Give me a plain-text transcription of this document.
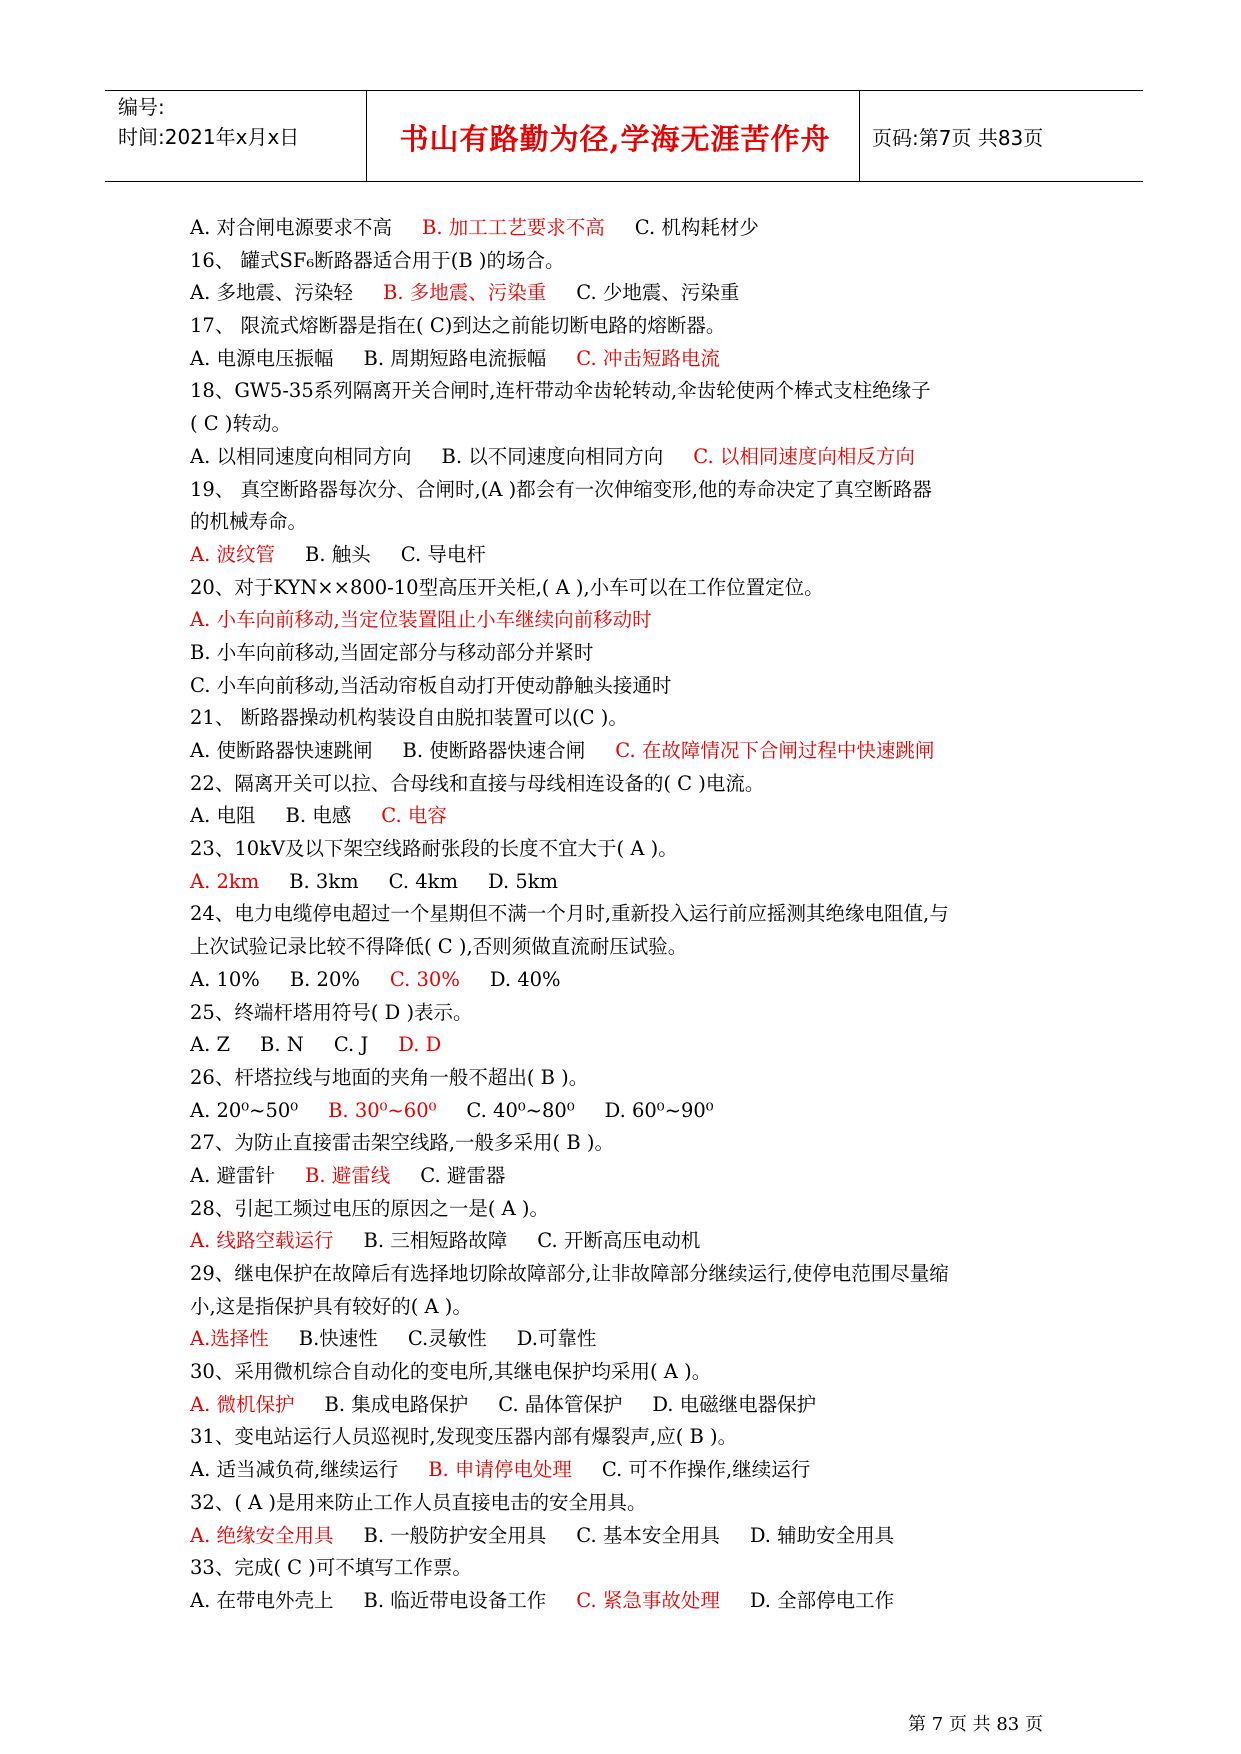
编号:
时间:2021年x月x日	书山有路勤为径,学海无涯苦作舟	页码:第7页 共83页
A. 对合闸电源要求不高 B. 加工工艺要求不高 C. 机构耗材少
16、 罐式SF₆断路器适合用于(B )的场合。
A. 多地震、污染轻 B. 多地震、污染重 C. 少地震、污染重
17、 限流式熔断器是指在( C)到达之前能切断电路的熔断器。
A. 电源电压振幅 B. 周期短路电流振幅 C. 冲击短路电流
18、GW5-35系列隔离开关合闸时,连杆带动伞齿轮转动,伞齿轮使两个棒式支柱绝缘子
( C )转动。
A. 以相同速度向相同方向 B. 以不同速度向相同方向 C. 以相同速度向相反方向
19、 真空断路器每次分、合闸时,(A )都会有一次伸缩变形,他的寿命决定了真空断路器
的机械寿命。
A. 波纹管 B. 触头 C. 导电杆
20、对于KYN××800-10型高压开关柜,( A ),小车可以在工作位置定位。
A. 小车向前移动,当定位装置阻止小车继续向前移动时B. 小车向前移动,当固定部分与移动部分并紧时C. 小车向前移动,当活动帘板自动打开使动静触头接通时
21、 断路器操动机构装设自由脱扣装置可以(C )。
A. 使断路器快速跳闸 B. 使断路器快速合闸 C. 在故障情况下合闸过程中快速跳闸
22、隔离开关可以拉、合母线和直接与母线相连设备的( C )电流。
A. 电阻 B. 电感 C. 电容
23、10kV及以下架空线路耐张段的长度不宜大于( A )。
A. 2km B. 3km C. 4km D. 5km
24、电力电缆停电超过一个星期但不满一个月时,重新投入运行前应摇测其绝缘电阻值,与
上次试验记录比较不得降低( C ),否则须做直流耐压试验。
A. 10% B. 20% C. 30% D. 40%
25、终端杆塔用符号( D )表示。
A. Z B. N C. J D. D
26、杆塔拉线与地面的夹角一般不超出( B )。
A. 20⁰~50⁰ B. 30⁰~60⁰ C. 40⁰~80⁰ D. 60⁰~90⁰
27、为防止直接雷击架空线路,一般多采用( B )。
A. 避雷针 B. 避雷线 C. 避雷器
28、引起工频过电压的原因之一是( A )。
A. 线路空载运行 B. 三相短路故障 C. 开断高压电动机
29、继电保护在故障后有选择地切除故障部分,让非故障部分继续运行,使停电范围尽量缩
小,这是指保护具有较好的( A )。
A.选择性 B.快速性 C.灵敏性 D.可靠性
30、采用微机综合自动化的变电所,其继电保护均采用( A )。
A. 微机保护 B. 集成电路保护 C. 晶体管保护 D. 电磁继电器保护
31、变电站运行人员巡视时,发现变压器内部有爆裂声,应( B )。
A. 适当减负荷,继续运行 B. 申请停电处理 C. 可不作操作,继续运行
32、( A )是用来防止工作人员直接电击的安全用具。
A. 绝缘安全用具 B. 一般防护安全用具 C. 基本安全用具 D. 辅助安全用具
33、完成( C )可不填写工作票。
A. 在带电外壳上 B. 临近带电设备工作 C. 紧急事故处理 D. 全部停电工作
第 7 页 共 83 页
